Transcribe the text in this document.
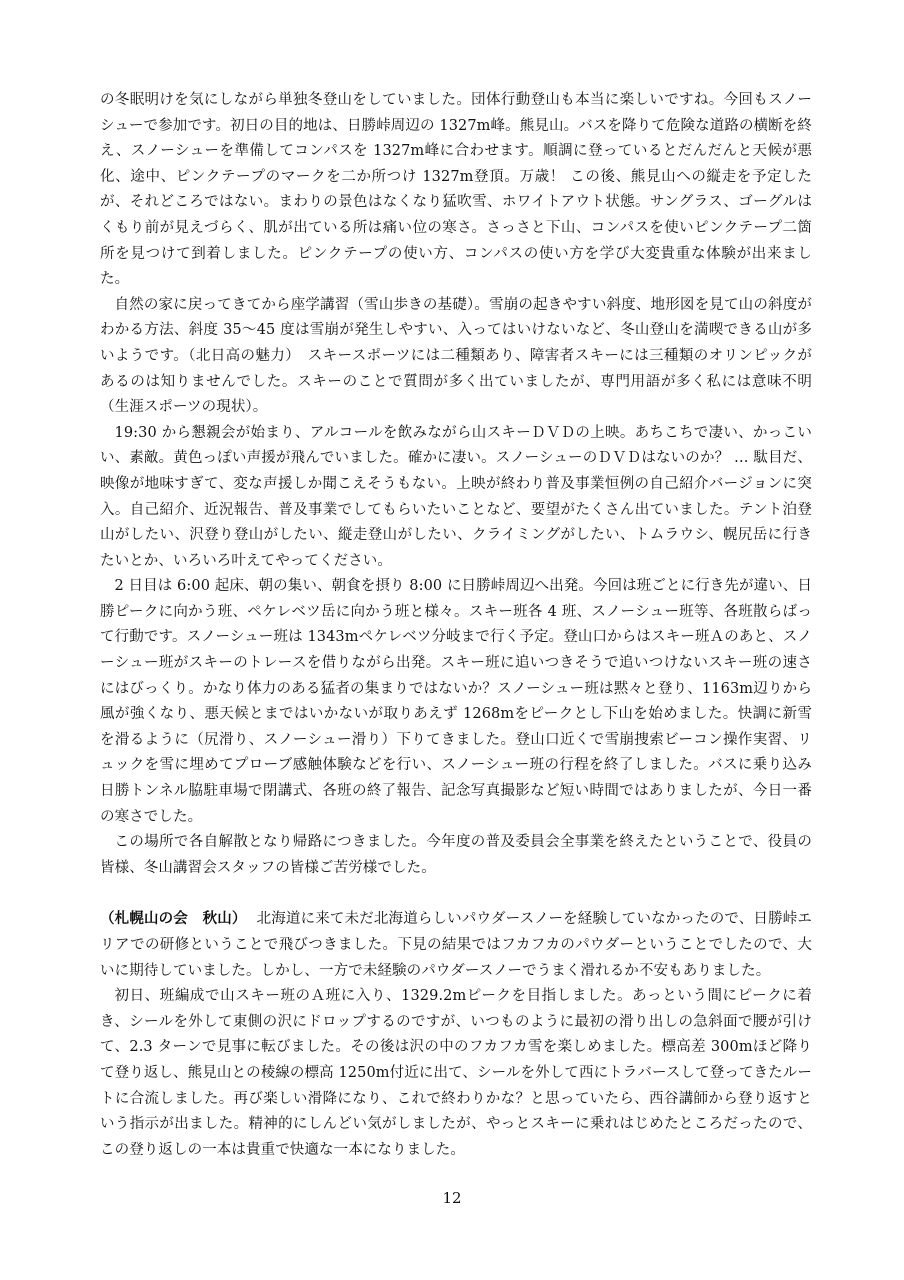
の冬眠明けを気にしながら単独冬登山をしていました。団体行動登山も本当に楽しいですね。今回もスノーシューで参加です。初日の目的地は、日勝峠周辺の 1327m峰。熊見山。バスを降りて危険な道路の横断を終え、スノーシューを準備してコンパスを 1327m峰に合わせます。順調に登っているとだんだんと天候が悪化、途中、ピンクテープのマークを二か所つけ 1327m登頂。万歳！ この後、熊見山への縦走を予定したが、それどころではない。まわりの景色はなくなり猛吹雪、ホワイトアウト状態。サングラス、ゴーグルはくもり前が見えづらく、肌が出ている所は痛い位の寒さ。さっさと下山、コンパスを使いピンクテープ二箇所を見つけて到着しました。ピンクテープの使い方、コンパスの使い方を学び大変貴重な体験が出来ました。

自然の家に戻ってきてから座学講習（雪山歩きの基礎）。雪崩の起きやすい斜度、地形図を見て山の斜度がわかる方法、斜度 35～45 度は雪崩が発生しやすい、入ってはいけないなど、冬山登山を満喫できる山が多いようです。（北日高の魅力）　スキースポーツには二種類あり、障害者スキーには三種類のオリンピックがあるのは知りませんでした。スキーのことで質問が多く出ていましたが、専門用語が多く私には意味不明（生涯スポーツの現状）。

19:30 から懇親会が始まり、アルコールを飲みながら山スキーＤＶＤの上映。あちこちで凄い、かっこいい、素敵。黄色っぽい声援が飛んでいました。確かに凄い。スノーシューのＤＶＤはないのか？ … 駄目だ、映像が地味すぎて、変な声援しか聞こえそうもない。上映が終わり普及事業恒例の自己紹介バージョンに突入。自己紹介、近況報告、普及事業でしてもらいたいことなど、要望がたくさん出ていました。テント泊登山がしたい、沢登り登山がしたい、縦走登山がしたい、クライミングがしたい、トムラウシ、幌尻岳に行きたいとか、いろいろ叶えてやってください。

2 日目は 6:00 起床、朝の集い、朝食を摂り 8:00 に日勝峠周辺へ出発。今回は班ごとに行き先が違い、日勝ピークに向かう班、ペケレベツ岳に向かう班と様々。スキー班各 4 班、スノーシュー班等、各班散らばって行動です。スノーシュー班は 1343mペケレベツ分岐まで行く予定。登山口からはスキー班Ａのあと、スノーシュー班がスキーのトレースを借りながら出発。スキー班に追いつきそうで追いつけないスキー班の速さにはびっくり。かなり体力のある猛者の集まりではないか？スノーシュー班は黙々と登り、1163m辺りから風が強くなり、悪天候とまではいかないが取りあえず 1268mをピークとし下山を始めました。快調に新雪を滑るように（尻滑り、スノーシュー滑り）下りてきました。登山口近くで雪崩捜索ビーコン操作実習、リュックを雪に埋めてプローブ感触体験などを行い、スノーシュー班の行程を終了しました。バスに乗り込み日勝トンネル脇駐車場で閉講式、各班の終了報告、記念写真撮影など短い時間ではありましたが、今日一番の寒さでした。

この場所で各自解散となり帰路につきました。今年度の普及委員会全事業を終えたということで、役員の皆様、冬山講習会スタッフの皆様ご苦労様でした。

（札幌山の会　秋山） 北海道に来て未だ北海道らしいパウダースノーを経験していなかったので、日勝峠エリアでの研修ということで飛びつきました。下見の結果ではフカフカのパウダーということでしたので、大いに期待していました。しかし、一方で未経験のパウダースノーでうまく滑れるか不安もありました。

初日、班編成で山スキー班のＡ班に入り、1329.2mピークを目指しました。あっという間にピークに着き、シールを外して東側の沢にドロップするのですが、いつものように最初の滑り出しの急斜面で腰が引けて、2.3 ターンで見事に転びました。その後は沢の中のフカフカ雪を楽しめました。標高差 300mほど降りて登り返し、熊見山との稜線の標高 1250m付近に出て、シールを外して西にトラバースして登ってきたルートに合流しました。再び楽しい滑降になり、これで終わりかな？と思っていたら、西谷講師から登り返すという指示が出ました。精神的にしんどい気がしましたが、やっとスキーに乗れはじめたところだったので、この登り返しの一本は貴重で快適な一本になりました。

12
